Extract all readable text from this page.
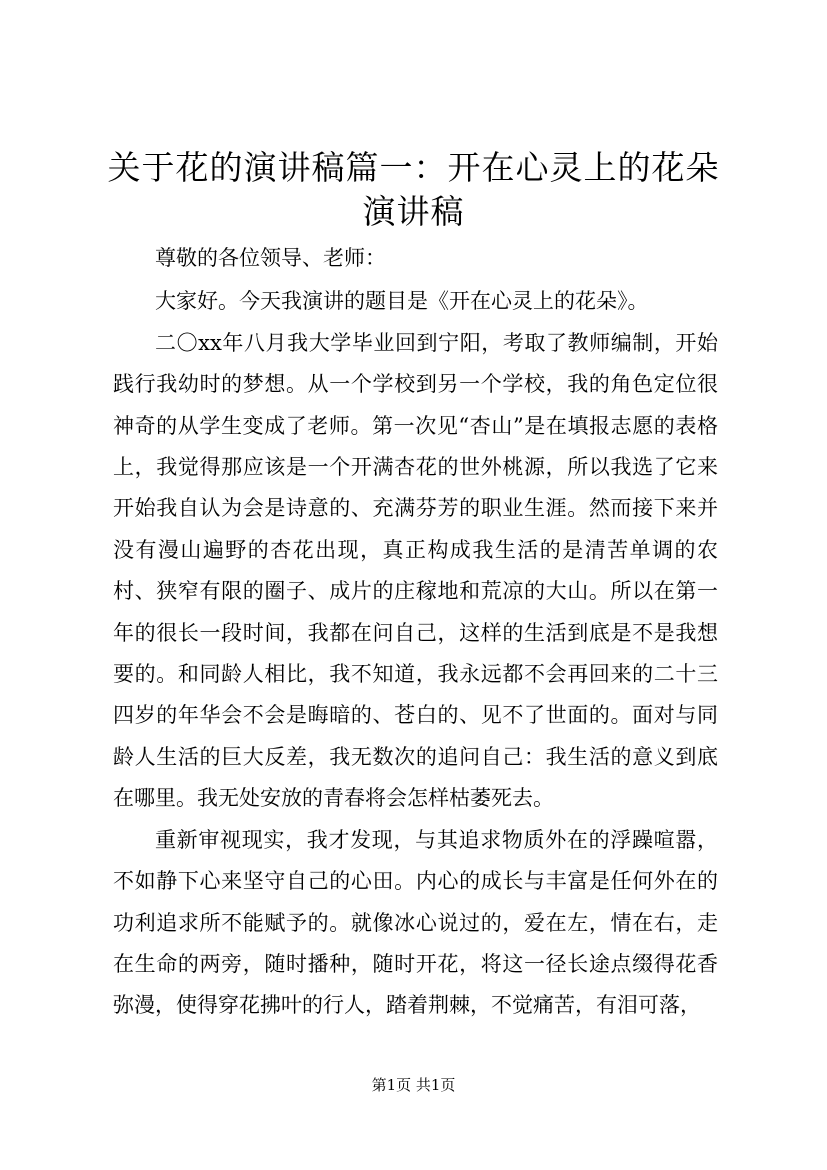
关于花的演讲稿篇一：开在心灵上的花朵演讲稿

尊敬的各位领导、老师：

大家好。今天我演讲的题目是《开在心灵上的花朵》。

二〇xx年八月我大学毕业回到宁阳，考取了教师编制，开始践行我幼时的梦想。从一个学校到另一个学校，我的角色定位很神奇的从学生变成了老师。第一次见“杏山”是在填报志愿的表格上，我觉得那应该是一个开满杏花的世外桃源，所以我选了它来开始我自认为会是诗意的、充满芬芳的职业生涯。然而接下来并没有漫山遍野的杏花出现，真正构成我生活的是清苦单调的农村、狭窄有限的圈子、成片的庄稼地和荒凉的大山。所以在第一年的很长一段时间，我都在问自己，这样的生活到底是不是我想要的。和同龄人相比，我不知道，我永远都不会再回来的二十三四岁的年华会不会是晦暗的、苍白的、见不了世面的。面对与同龄人生活的巨大反差，我无数次的追问自己：我生活的意义到底在哪里。我无处安放的青春将会怎样枯萎死去。

重新审视现实，我才发现，与其追求物质外在的浮躁喧嚣，不如静下心来坚守自己的心田。内心的成长与丰富是任何外在的功利追求所不能赋予的。就像冰心说过的，爱在左，情在右，走在生命的两旁，随时播种，随时开花，将这一径长途点缀得花香弥漫，使得穿花拂叶的行人，踏着荆棘，不觉痛苦，有泪可落，

第1页 共1页
